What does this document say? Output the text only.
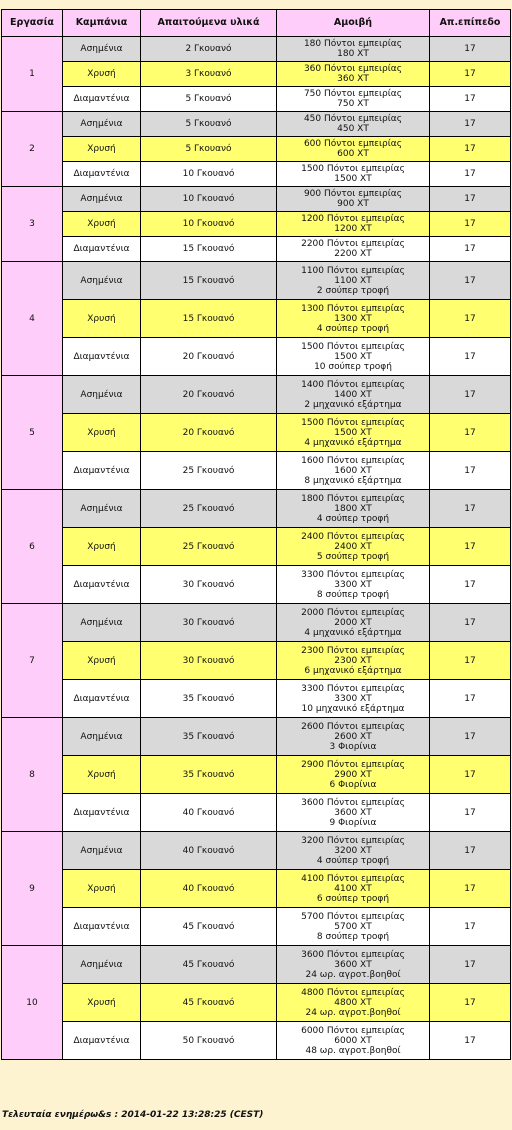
Εργασία	Καμπάνια	Απαιτούμενα υλικά	Αμοιβή	Απ.επίπεδο
1	Ασημένια	2 Γκουανό	180 Πόντοι εμπειρίας
180 ΧΤ	17
	Χρυσή	3 Γκουανό	360 Πόντοι εμπειρίας
360 ΧΤ	17
	Διαμαντένια	5 Γκουανό	750 Πόντοι εμπειρίας
750 ΧΤ	17
2	Ασημένια	5 Γκουανό	450 Πόντοι εμπειρίας
450 ΧΤ	17
	Χρυσή	5 Γκουανό	600 Πόντοι εμπειρίας
600 ΧΤ	17
	Διαμαντένια	10 Γκουανό	1500 Πόντοι εμπειρίας
1500 ΧΤ	17
3	Ασημένια	10 Γκουανό	900 Πόντοι εμπειρίας
900 ΧΤ	17
	Χρυσή	10 Γκουανό	1200 Πόντοι εμπειρίας
1200 ΧΤ	17
	Διαμαντένια	15 Γκουανό	2200 Πόντοι εμπειρίας
2200 ΧΤ	17
4	Ασημένια	15 Γκουανό	1100 Πόντοι εμπειρίας
1100 ΧΤ
2 σούπερ τροφή	17
	Χρυσή	15 Γκουανό	1300 Πόντοι εμπειρίας
1300 ΧΤ
4 σούπερ τροφή	17
	Διαμαντένια	20 Γκουανό	1500 Πόντοι εμπειρίας
1500 ΧΤ
10 σούπερ τροφή	17
5	Ασημένια	20 Γκουανό	1400 Πόντοι εμπειρίας
1400 ΧΤ
2 μηχανικό εξάρτημα	17
	Χρυσή	20 Γκουανό	1500 Πόντοι εμπειρίας
1500 ΧΤ
4 μηχανικό εξάρτημα	17
	Διαμαντένια	25 Γκουανό	1600 Πόντοι εμπειρίας
1600 ΧΤ
8 μηχανικό εξάρτημα	17
6	Ασημένια	25 Γκουανό	1800 Πόντοι εμπειρίας
1800 ΧΤ
4 σούπερ τροφή	17
	Χρυσή	25 Γκουανό	2400 Πόντοι εμπειρίας
2400 ΧΤ
5 σούπερ τροφή	17
	Διαμαντένια	30 Γκουανό	3300 Πόντοι εμπειρίας
3300 ΧΤ
8 σούπερ τροφή	17
7	Ασημένια	30 Γκουανό	2000 Πόντοι εμπειρίας
2000 ΧΤ
4 μηχανικό εξάρτημα	17
	Χρυσή	30 Γκουανό	2300 Πόντοι εμπειρίας
2300 ΧΤ
6 μηχανικό εξάρτημα	17
	Διαμαντένια	35 Γκουανό	3300 Πόντοι εμπειρίας
3300 ΧΤ
10 μηχανικό εξάρτημα	17
8	Ασημένια	35 Γκουανό	2600 Πόντοι εμπειρίας
2600 ΧΤ
3 Φιορίνια	17
	Χρυσή	35 Γκουανό	2900 Πόντοι εμπειρίας
2900 ΧΤ
6 Φιορίνια	17
	Διαμαντένια	40 Γκουανό	3600 Πόντοι εμπειρίας
3600 ΧΤ
9 Φιορίνια	17
9	Ασημένια	40 Γκουανό	3200 Πόντοι εμπειρίας
3200 ΧΤ
4 σούπερ τροφή	17
	Χρυσή	40 Γκουανό	4100 Πόντοι εμπειρίας
4100 ΧΤ
6 σούπερ τροφή	17
	Διαμαντένια	45 Γκουανό	5700 Πόντοι εμπειρίας
5700 ΧΤ
8 σούπερ τροφή	17
10	Ασημένια	45 Γκουανό	3600 Πόντοι εμπειρίας
3600 ΧΤ
24 ωρ. αγροτ.βοηθοί	17
	Χρυσή	45 Γκουανό	4800 Πόντοι εμπειρίας
4800 ΧΤ
24 ωρ. αγροτ.βοηθοί	17
	Διαμαντένια	50 Γκουανό	6000 Πόντοι εμπειρίας
6000 ΧΤ
48 ωρ. αγροτ.βοηθοί	17
Τελευταία ενημέρω&s : 2014-01-22 13:28:25 (CEST)
